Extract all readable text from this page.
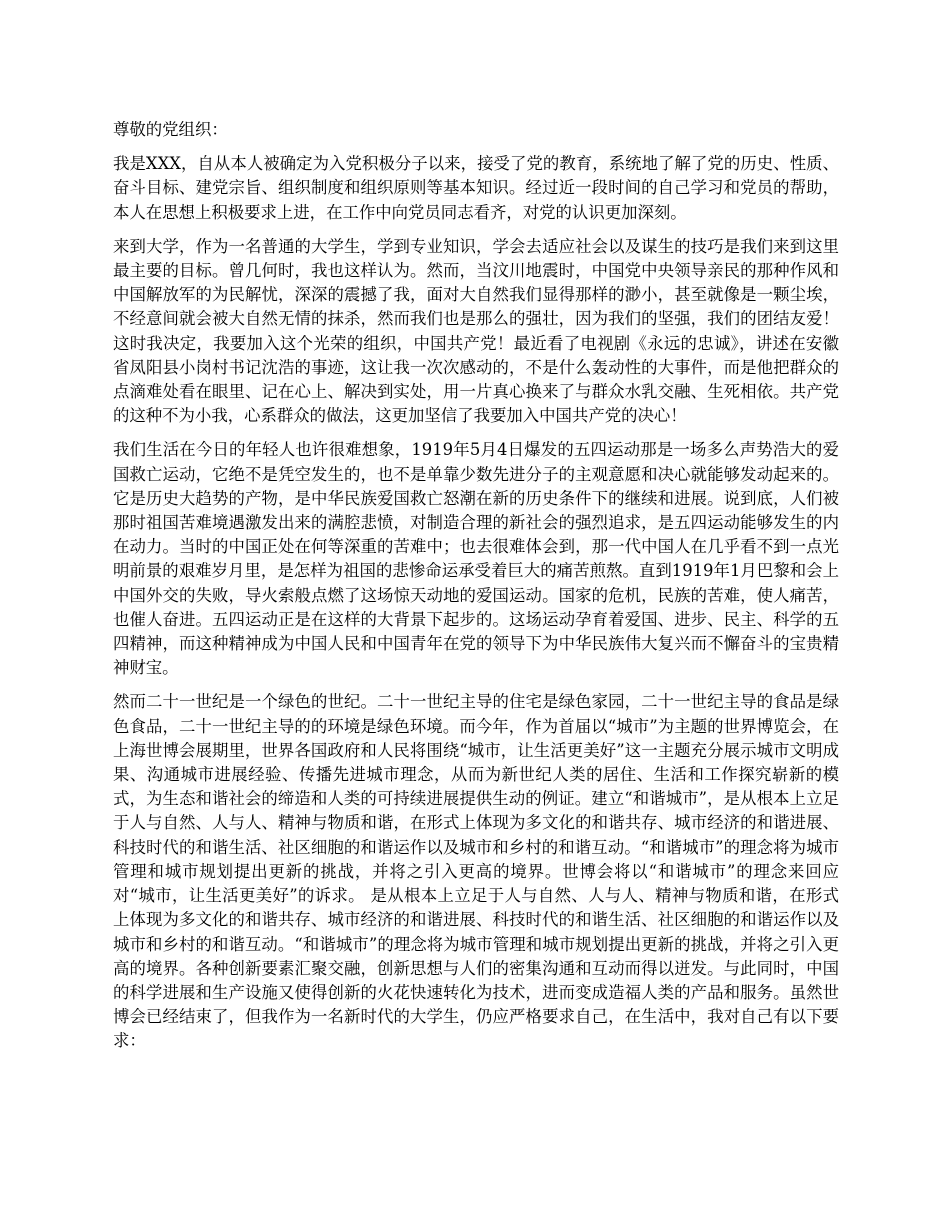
尊敬的党组织：

我是XXX，自从本人被确定为入党积极分子以来，接受了党的教育，系统地了解了党的历史、性质、奋斗目标、建党宗旨、组织制度和组织原则等基本知识。经过近一段时间的自己学习和党员的帮助，本人在思想上积极要求上进，在工作中向党员同志看齐，对党的认识更加深刻。

来到大学，作为一名普通的大学生，学到专业知识，学会去适应社会以及谋生的技巧是我们来到这里最主要的目标。曾几何时，我也这样认为。然而，当汶川地震时，中国党中央领导亲民的那种作风和中国解放军的为民解忧，深深的震撼了我，面对大自然我们显得那样的渺小，甚至就像是一颗尘埃，不经意间就会被大自然无情的抹杀，然而我们也是那么的强壮，因为我们的坚强，我们的团结友爱！这时我决定，我要加入这个光荣的组织，中国共产党！最近看了电视剧《永远的忠诚》，讲述在安徽省凤阳县小岗村书记沈浩的事迹，这让我一次次感动的，不是什么轰动性的大事件，而是他把群众的点滴难处看在眼里、记在心上、解决到实处，用一片真心换来了与群众水乳交融、生死相依。共产党的这种不为小我，心系群众的做法，这更加坚信了我要加入中国共产党的决心！

我们生活在今日的年轻人也许很难想象，1919年5月4日爆发的五四运动那是一场多么声势浩大的爱国救亡运动，它绝不是凭空发生的，也不是单靠少数先进分子的主观意愿和决心就能够发动起来的。它是历史大趋势的产物，是中华民族爱国救亡怒潮在新的历史条件下的继续和进展。说到底，人们被那时祖国苦难境遇激发出来的满腔悲愤，对制造合理的新社会的强烈追求，是五四运动能够发生的内在动力。当时的中国正处在何等深重的苦难中；也去很难体会到，那一代中国人在几乎看不到一点光明前景的艰难岁月里，是怎样为祖国的悲惨命运承受着巨大的痛苦煎熬。直到1919年1月巴黎和会上中国外交的失败，导火索般点燃了这场惊天动地的爱国运动。国家的危机，民族的苦难，使人痛苦，也催人奋进。五四运动正是在这样的大背景下起步的。这场运动孕育着爱国、进步、民主、科学的五四精神，而这种精神成为中国人民和中国青年在党的领导下为中华民族伟大复兴而不懈奋斗的宝贵精神财宝。

然而二十一世纪是一个绿色的世纪。二十一世纪主导的住宅是绿色家园，二十一世纪主导的食品是绿色食品，二十一世纪主导的的环境是绿色环境。而今年，作为首届以“城市”为主题的世界博览会，在上海世博会展期里，世界各国政府和人民将围绕“城市，让生活更美好”这一主题充分展示城市文明成果、沟通城市进展经验、传播先进城市理念，从而为新世纪人类的居住、生活和工作探究崭新的模式，为生态和谐社会的缔造和人类的可持续进展提供生动的例证。建立“和谐城市”，是从根本上立足于人与自然、人与人、精神与物质和谐，在形式上体现为多文化的和谐共存、城市经济的和谐进展、科技时代的和谐生活、社区细胞的和谐运作以及城市和乡村的和谐互动。“和谐城市”的理念将为城市管理和城市规划提出更新的挑战，并将之引入更高的境界。世博会将以“和谐城市”的理念来回应对“城市，让生活更美好”的诉求。 是从根本上立足于人与自然、人与人、精神与物质和谐，在形式上体现为多文化的和谐共存、城市经济的和谐进展、科技时代的和谐生活、社区细胞的和谐运作以及城市和乡村的和谐互动。“和谐城市”的理念将为城市管理和城市规划提出更新的挑战，并将之引入更高的境界。各种创新要素汇聚交融，创新思想与人们的密集沟通和互动而得以迸发。与此同时，中国的科学进展和生产设施又使得创新的火花快速转化为技术，进而变成造福人类的产品和服务。虽然世博会已经结束了，但我作为一名新时代的大学生，仍应严格要求自己，在生活中，我对自己有以下要求：
